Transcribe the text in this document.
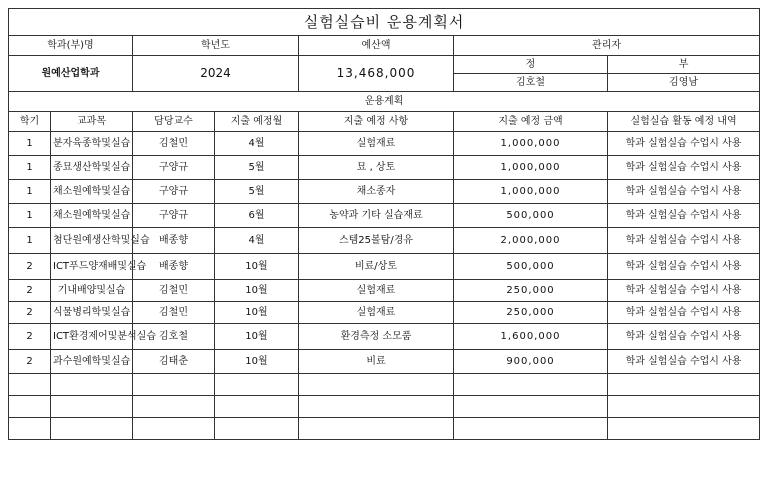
실험실습비 운용계획서						
학과(부)명		학년도		예산액	관리자	
원예산업학과		2024		13,468,000	정	부
					김호철	김영남
운용계획						
학기	교과목	담당교수	지출 예정월	지출 예정 사항	지출 예정 금액	실험실습 활동 예정 내역
1	분자육종학및실습	김철민	4월	실험재료	1,000,000	학과 실험실습 수업시 사용
1	종묘생산학및실습	구양규	5월	묘 , 상토	1,000,000	학과 실험실습 수업시 사용
1	채소원예학및실습	구양규	5월	채소종자	1,000,000	학과 실험실습 수업시 사용
1	채소원예학및실습	구양규	6월	농약과 기타 실습재료	500,000	학과 실험실습 수업시 사용
1	첨단원예생산학및실습	배종향	4월	스템25볼탐/경유	2,000,000	학과 실험실습 수업시 사용
2	ICT푸드양재배및실습	배종향	10월	비료/상토	500,000	학과 실험실습 수업시 사용
2	기내배양및실습	김철민	10월	실험재료	250,000	학과 실험실습 수업시 사용
2	식물병리학및실습	김철민	10월	실험재료	250,000	학과 실험실습 수업시 사용
2	ICT환경제어및분석실습	김호철	10월	환경측정 소모품	1,600,000	학과 실험실습 수업시 사용
2	과수원예학및실습	김태춘	10월	비료	900,000	학과 실험실습 수업시 사용
